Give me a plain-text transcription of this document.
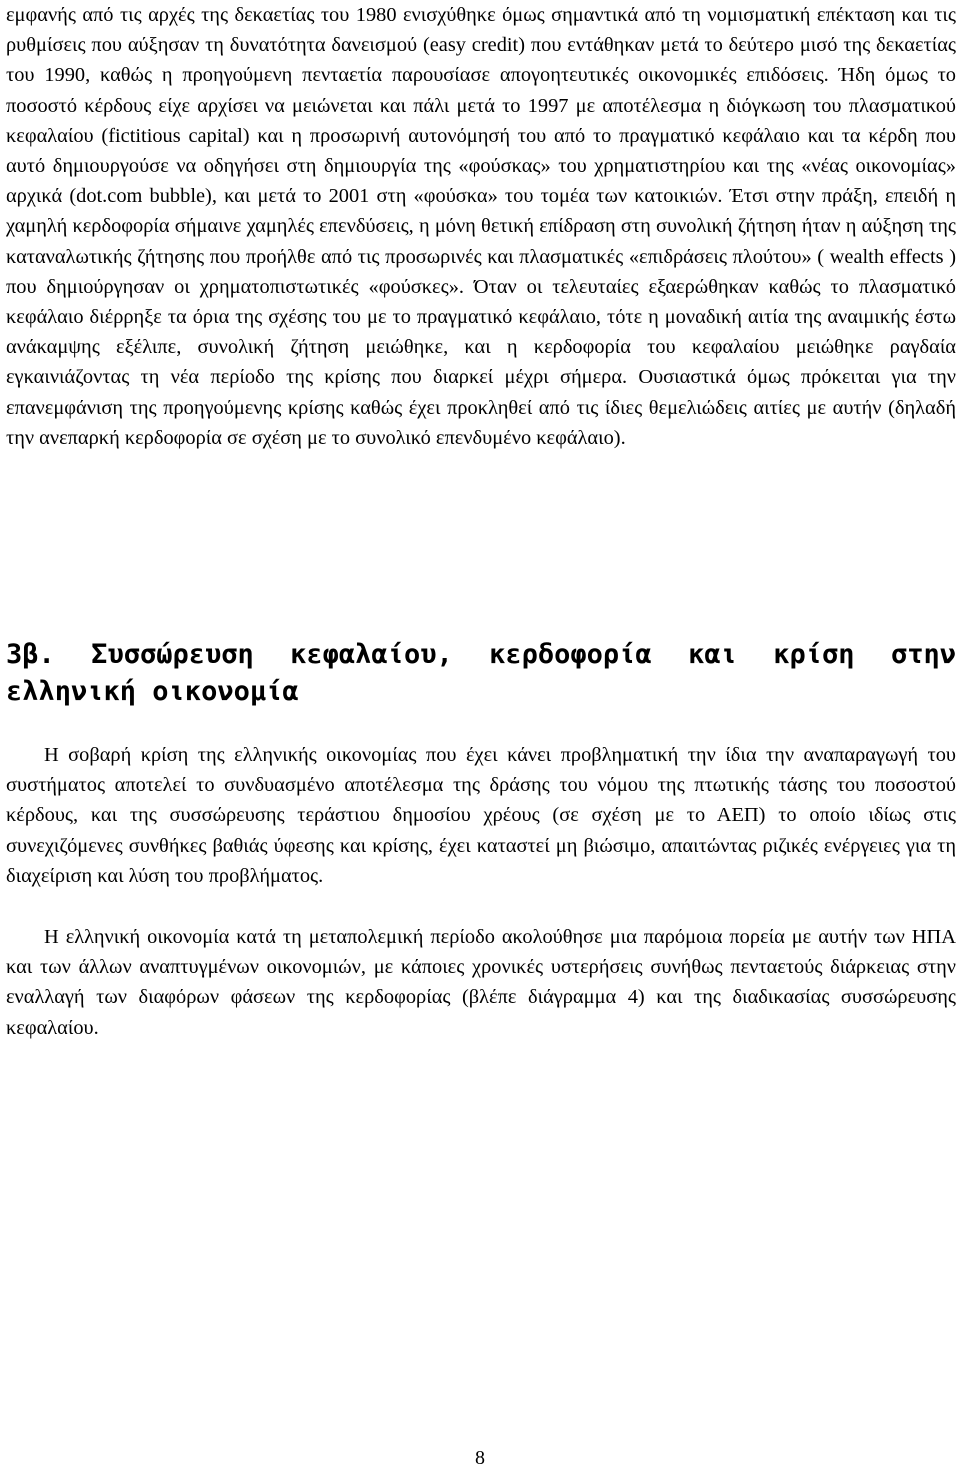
εμφανής από τις αρχές της δεκαετίας του 1980 ενισχύθηκε όμως σημαντικά από τη νομισματική επέκταση και τις ρυθμίσεις που αύξησαν τη δυνατότητα δανεισμού (easy credit) που εντάθηκαν μετά το δεύτερο μισό της δεκαετίας του 1990, καθώς η προηγούμενη πενταετία παρουσίασε απογοητευτικές οικονομικές επιδόσεις. Ήδη όμως το ποσοστό κέρδους είχε αρχίσει να μειώνεται και πάλι μετά το 1997 με αποτέλεσμα η διόγκωση του πλασματικού κεφαλαίου (fictitious capital) και η προσωρινή αυτονόμησή του από το πραγματικό κεφάλαιο και τα κέρδη που αυτό δημιουργούσε να οδηγήσει στη δημιουργία της «φούσκας» του χρηματιστηρίου και της «νέας οικονομίας» αρχικά (dot.com bubble), και μετά το 2001 στη «φούσκα» του τομέα των κατοικιών. Έτσι στην πράξη, επειδή η χαμηλή κερδοφορία σήμαινε χαμηλές επενδύσεις, η μόνη θετική επίδραση στη συνολική ζήτηση ήταν η αύξηση της καταναλωτικής ζήτησης που προήλθε από τις προσωρινές και πλασματικές «επιδράσεις πλούτου» ( wealth effects ) που δημιούργησαν οι χρηματοπιστωτικές «φούσκες». Όταν οι τελευταίες εξαερώθηκαν καθώς το πλασματικό κεφάλαιο διέρρηξε τα όρια της σχέσης του με το πραγματικό κεφάλαιο, τότε η μοναδική αιτία της αναιμικής έστω ανάκαμψης εξέλιπε, συνολική ζήτηση μειώθηκε, και η κερδοφορία του κεφαλαίου μειώθηκε ραγδαία εγκαινιάζοντας τη νέα περίοδο της κρίσης που διαρκεί μέχρι σήμερα. Ουσιαστικά όμως πρόκειται για την επανεμφάνιση της προηγούμενης κρίσης καθώς έχει προκληθεί από τις ίδιες θεμελιώδεις αιτίες με αυτήν (δηλαδή την ανεπαρκή κερδοφορία σε σχέση με το συνολικό επενδυμένο κεφάλαιο).

3β. Συσσώρευση κεφαλαίου, κερδοφορία και κρίση στην ελληνική οικονομία

Η σοβαρή κρίση της ελληνικής οικονομίας που έχει κάνει προβληματική την ίδια την αναπαραγωγή του συστήματος αποτελεί το συνδυασμένο αποτέλεσμα της δράσης του νόμου της πτωτικής τάσης του ποσοστού κέρδους, και της συσσώρευσης τεράστιου δημοσίου χρέους (σε σχέση με το ΑΕΠ) το οποίο ιδίως στις συνεχιζόμενες συνθήκες βαθιάς ύφεσης και κρίσης, έχει καταστεί μη βιώσιμο, απαιτώντας ριζικές ενέργειες για τη διαχείριση και λύση του προβλήματος.

Η ελληνική οικονομία κατά τη μεταπολεμική περίοδο ακολούθησε μια παρόμοια πορεία με αυτήν των ΗΠΑ και των άλλων αναπτυγμένων οικονομιών, με κάποιες χρονικές υστερήσεις συνήθως πενταετούς διάρκειας στην εναλλαγή των διαφόρων φάσεων της κερδοφορίας (βλέπε διάγραμμα 4) και της διαδικασίας συσσώρευσης κεφαλαίου.

8
